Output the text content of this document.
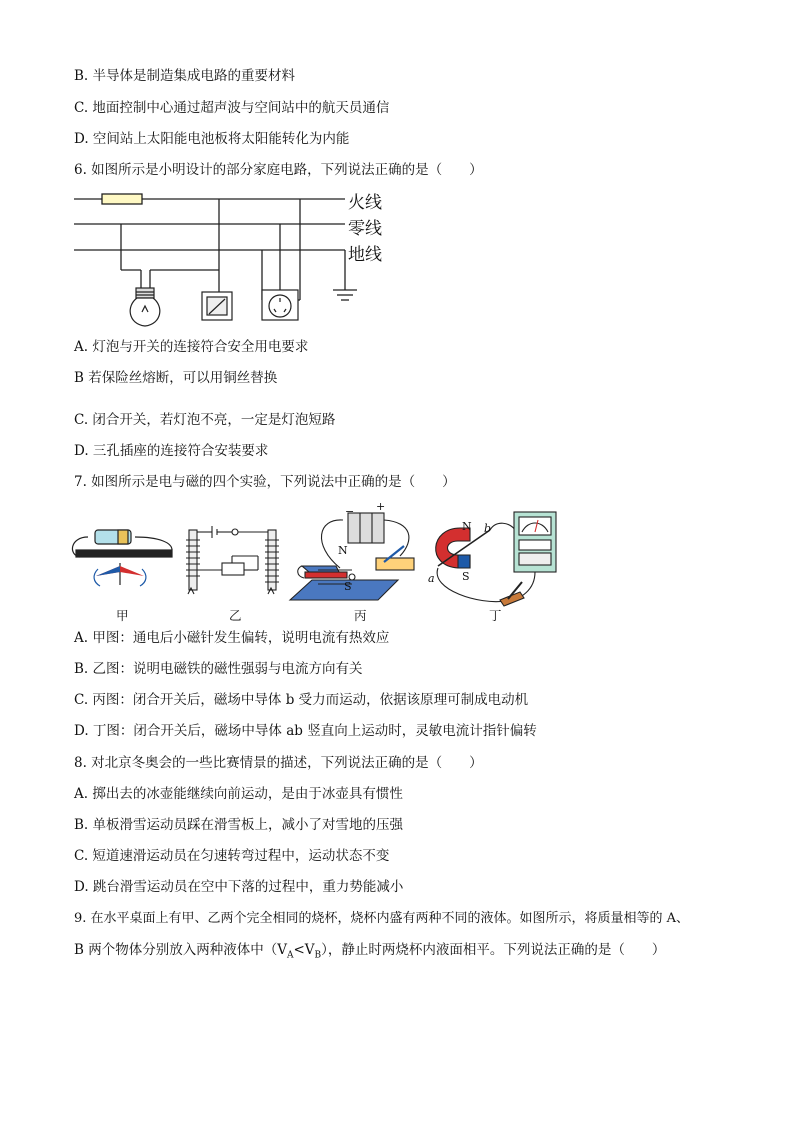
B. 半导体是制造集成电路的重要材料
C. 地面控制中心通过超声波与空间站中的航天员通信
D. 空间站上太阳能电池板将太阳能转化为内能
6. 如图所示是小明设计的部分家庭电路，下列说法正确的是（　　）
火线
零线
地线
A. 灯泡与开关的连接符合安全用电要求
B 若保险丝熔断，可以用铜丝替换
C. 闭合开关，若灯泡不亮，一定是灯泡短路
D. 三孔插座的连接符合安装要求
7. 如图所示是电与磁的四个实验，下列说法中正确的是（　　）
甲	乙	丙	丁
N
S
− +
N
S
a
b
A. 甲图：通电后小磁针发生偏转，说明电流有热效应
B. 乙图：说明电磁铁的磁性强弱与电流方向有关
C. 丙图：闭合开关后，磁场中导体 b 受力而运动，依据该原理可制成电动机
D. 丁图：闭合开关后，磁场中导体 ab 竖直向上运动时，灵敏电流计指针偏转
8. 对北京冬奥会的一些比赛情景的描述，下列说法正确的是（　　）
A. 掷出去的冰壶能继续向前运动，是由于冰壶具有惯性
B. 单板滑雪运动员踩在滑雪板上，减小了对雪地的压强
C. 短道速滑运动员在匀速转弯过程中，运动状态不变
D. 跳台滑雪运动员在空中下落的过程中，重力势能减小
9. 在水平桌面上有甲、乙两个完全相同的烧杯，烧杯内盛有两种不同的液体。如图所示，将质量相等的 A、
B 两个物体分别放入两种液体中$(V_A<V_B)$，静止时两烧杯内液面相平。下列说法正确的是（　　）
